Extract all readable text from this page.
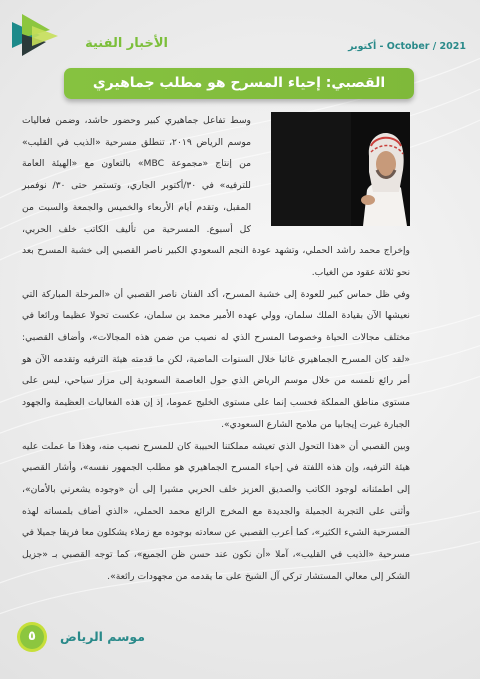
الأخبار الفنية	أكتوبر - October / 2021
القصبي: إحياء المسرح هو مطلب جماهيري

وسط تفاعل جماهيري كبير وحضور حاشد، وضمن فعاليات موسم الرياض ٢٠١٩، تنطلق مسرحية «الذيب في القليب» من إنتاج «مجموعة MBC» بالتعاون مع «الهيئة العامة للترفيه» في ٣٠/أكتوبر الجاري، وتستمر حتى ٣٠/ نوفمبر المقبل، وتقدم أيام الأربعاء والخميس والجمعة والسبت من كل أسبوع. المسرحية من تأليف الكاتب خلف الحربي، وإخراج محمد راشد الحملي، وتشهد عودة النجم السعودي الكبير ناصر القصبي إلى خشبة المسرح بعد نحو ثلاثة عقود من الغياب.

وفي ظل حماس كبير للعودة إلى خشبة المسرح، أكد الفنان ناصر القصبي أن «المرحلة المباركة التي نعيشها الآن بقيادة الملك سلمان، وولي عهده الأمير محمد بن سلمان، عكست تحولا عظيما ورائعا في مختلف مجالات الحياة وخصوصا المسرح الذي له نصيب من ضمن هذه المجالات»، وأضاف القصبي: «لقد كان المسرح الجماهيري غائبا خلال السنوات الماضية، لكن ما قدمته هيئة الترفيه وتقدمه الآن هو أمر رائع نلمسه من خلال موسم الرياض الذي حول العاصمة السعودية إلى مزار سياحي، ليس على مستوى مناطق المملكة فحسب إنما على مستوى الخليج عموما، إذ إن هذه الفعاليات العظيمة والجهود الجبارة غيرت إيجابيا من ملامح الشارع السعودي».

وبين القصبي أن «هذا التحول الذي تعيشه مملكتنا الحبيبة كان للمسرح نصيب منه، وهذا ما عملت عليه هيئة الترفيه، وإن هذه اللفتة في إحياء المسرح الجماهيري هو مطلب الجمهور نفسه»، وأشار القصبي إلى اطمئنانه لوجود الكاتب والصديق العزيز خلف الحربي مشيرا إلى أن «وجوده يشعرني بالأمان»، وأثنى على التجربة الجميلة والجديدة مع المخرج الرائع محمد الحملي، «الذي أضاف بلمساته لهذه المسرحية الشيء الكثير»، كما أعرب القصبي عن سعادته بوجوده مع زملاء يشكلون معا فريقا جميلا في مسرحية «الذيب في القليب»، آملا «أن نكون عند حسن ظن الجميع»، كما توجه القصبي بـ «جزيل الشكر إلى معالي المستشار تركي آل الشيخ على ما يقدمه من مجهودات رائعة».

٥	موسم الرياض
